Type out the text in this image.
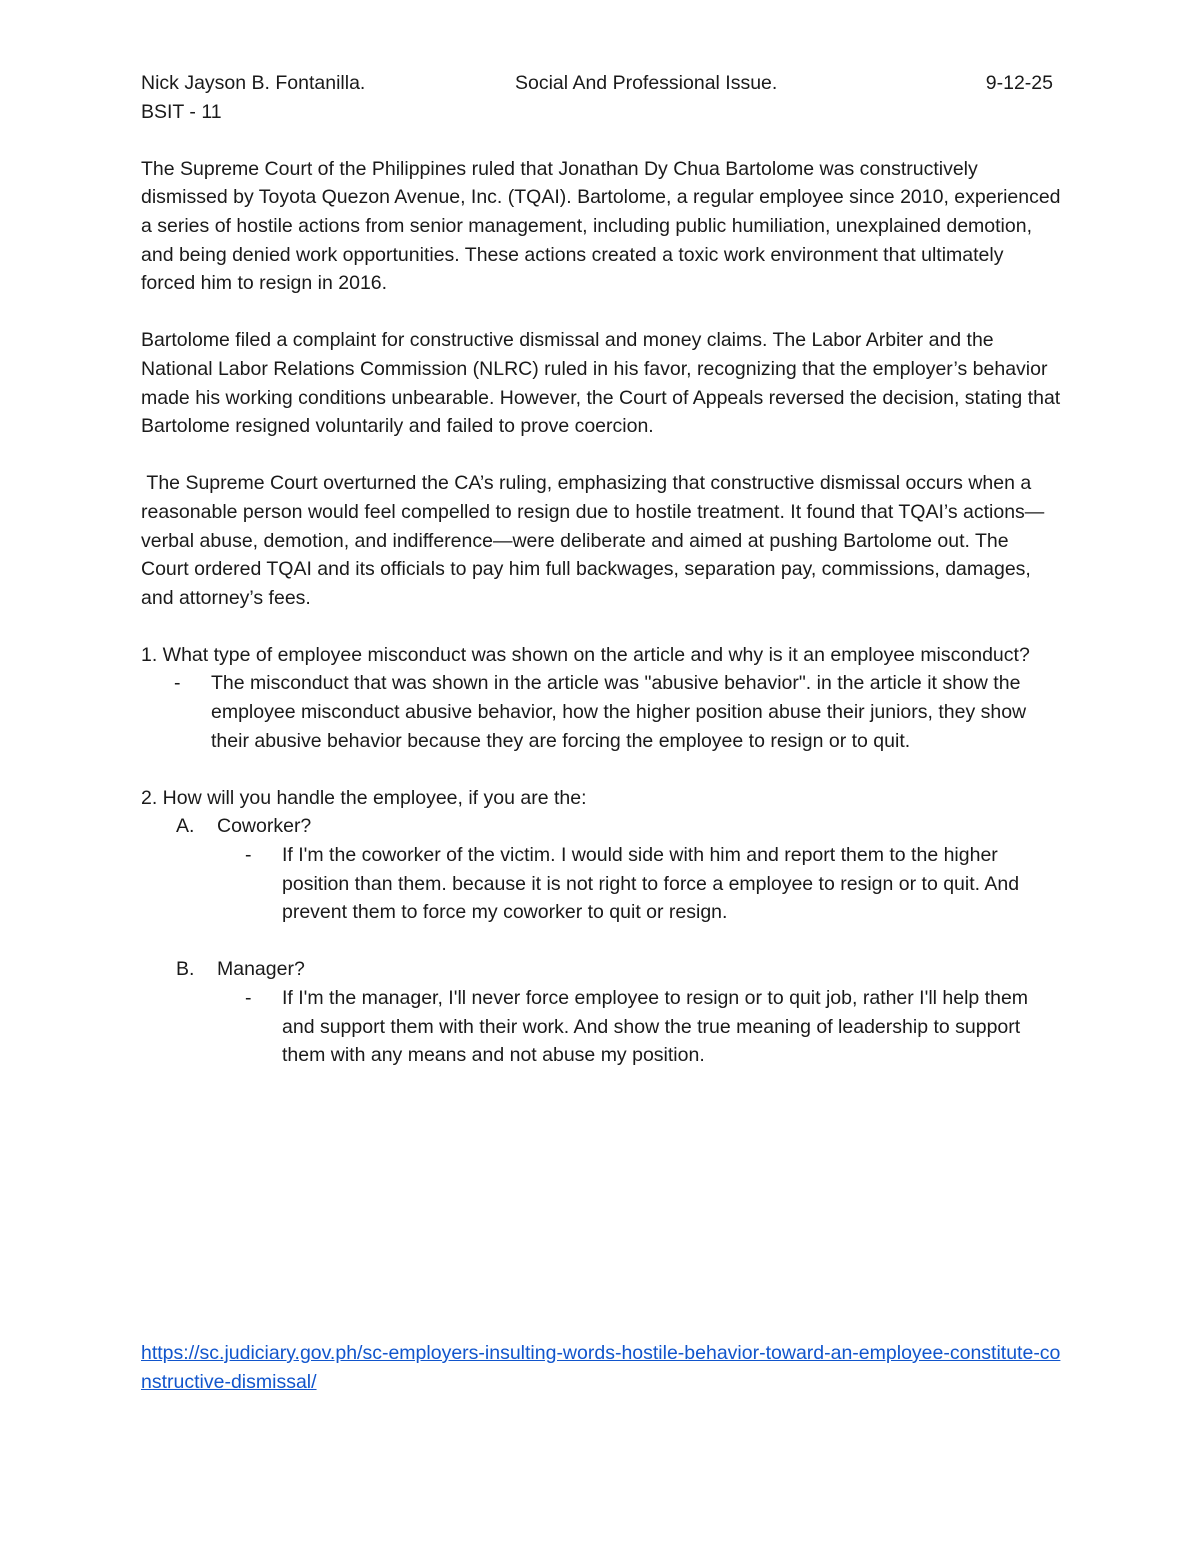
Nick Jayson B. Fontanilla.	Social And Professional Issue.	9-12-25
BSIT - 11

The Supreme Court of the Philippines ruled that Jonathan Dy Chua Bartolome was constructively dismissed by Toyota Quezon Avenue, Inc. (TQAI). Bartolome, a regular employee since 2010, experienced a series of hostile actions from senior management, including public humiliation, unexplained demotion, and being denied work opportunities. These actions created a toxic work environment that ultimately forced him to resign in 2016.

Bartolome filed a complaint for constructive dismissal and money claims. The Labor Arbiter and the National Labor Relations Commission (NLRC) ruled in his favor, recognizing that the employer’s behavior made his working conditions unbearable. However, the Court of Appeals reversed the decision, stating that Bartolome resigned voluntarily and failed to prove coercion.

The Supreme Court overturned the CA’s ruling, emphasizing that constructive dismissal occurs when a reasonable person would feel compelled to resign due to hostile treatment. It found that TQAI’s actions—verbal abuse, demotion, and indifference—were deliberate and aimed at pushing Bartolome out. The Court ordered TQAI and its officials to pay him full backwages, separation pay, commissions, damages, and attorney’s fees.

1. What type of employee misconduct was shown on the article and why is it an employee misconduct?

- The misconduct that was shown in the article was "abusive behavior". in the article it show the employee misconduct abusive behavior, how the higher position abuse their juniors, they show their abusive behavior because they are forcing the employee to resign or to quit.

2. How will you handle the employee, if you are the:

A. Coworker?
- If I'm the coworker of the victim. I would side with him and report them to the higher position than them. because it is not right to force a employee to resign or to quit. And prevent them to force my coworker to quit or resign.
B. Manager?
- If I'm the manager, I'll never force employee to resign or to quit job, rather I'll help them and support them with their work. And show the true meaning of leadership to support them with any means and not abuse my position.
https://sc.judiciary.gov.ph/sc-employers-insulting-words-hostile-behavior-toward-an-employee-constitute-constructive-dismissal/
